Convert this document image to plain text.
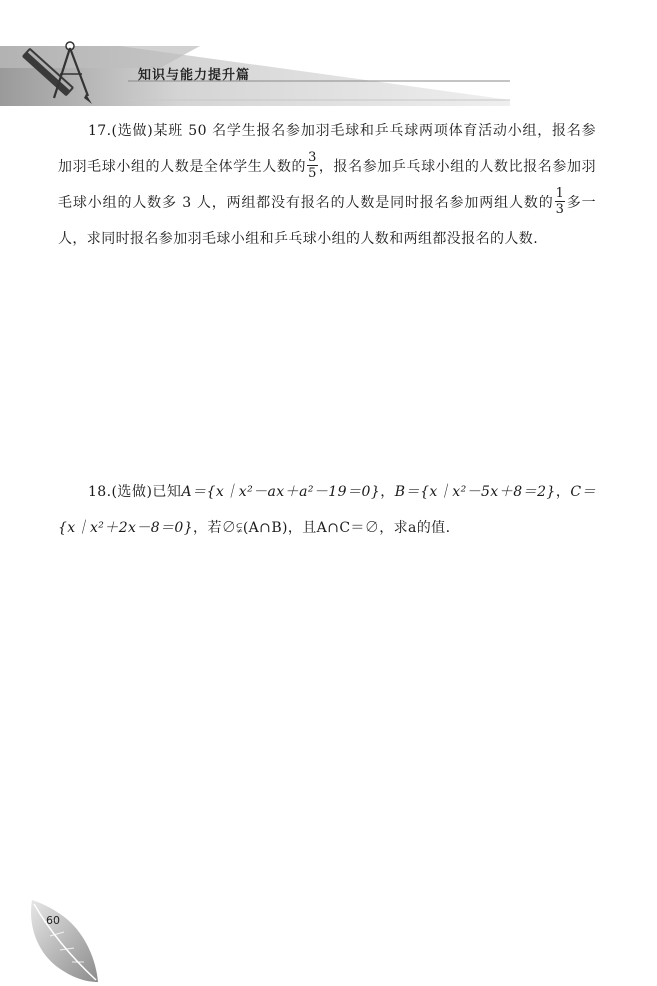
知识与能力提升篇
17.(选做)某班 50 名学生报名参加羽毛球和乒乓球两项体育活动小组，报名参加羽毛球小组的人数是全体学生人数的 $\frac{3}{5}$ ，报名参加乒乓球小组的人数比报名参加羽毛球小组的人数多 3 人，两组都没有报名的人数是同时报名参加两组人数的 $\frac{1}{3}$ 多一人，求同时报名参加羽毛球小组和乒乓球小组的人数和两组都没报名的人数.
18.(选做)已知A＝{x｜x²－ax＋a²－19＝0}，B＝{x｜x²－5x＋8＝2}，C＝{x｜x²＋2x－8＝0}，若∅⫋(A∩B)，且A∩C＝∅，求a的值.
60
